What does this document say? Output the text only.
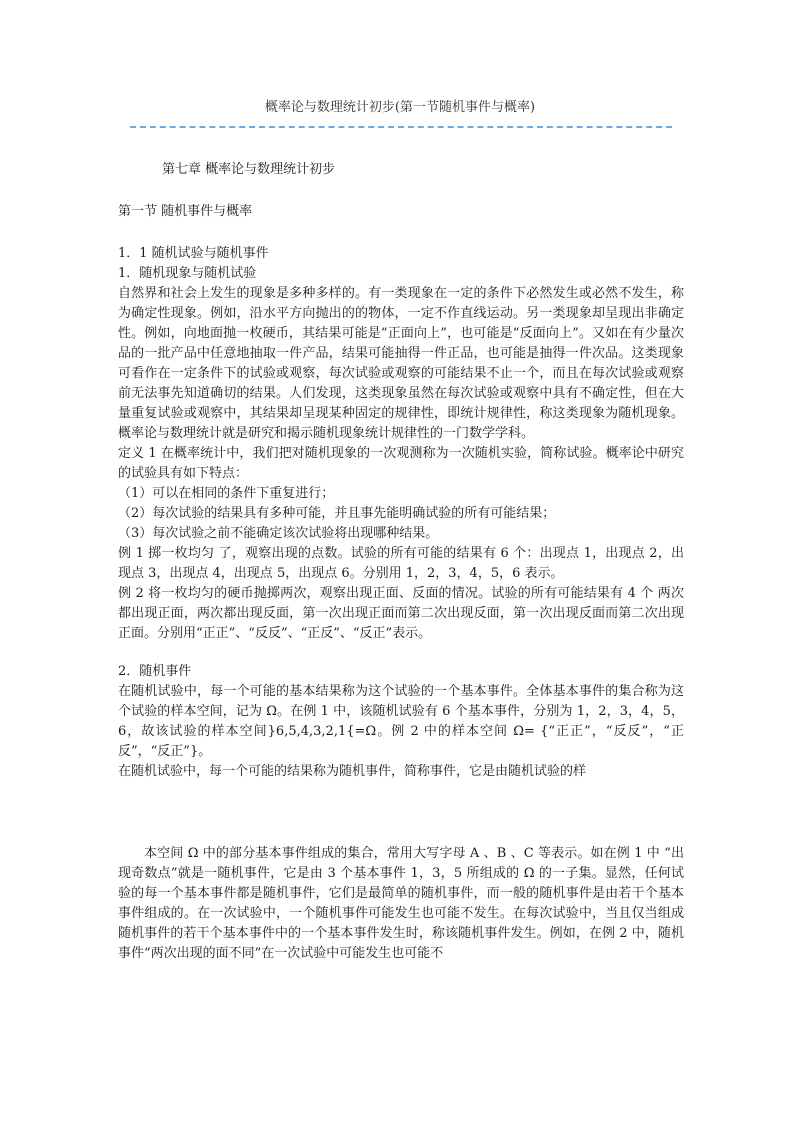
概率论与数理统计初步(第一节随机事件与概率)

第七章 概率论与数理统计初步

第一节 随机事件与概率

1．1 随机试验与随机事件

1．随机现象与随机试验

自然界和社会上发生的现象是多种多样的。有一类现象在一定的条件下必然发生或必然不发生，称为确定性现象。例如，沿水平方向抛出的的物体，一定不作直线运动。另一类现象却呈现出非确定性。例如，向地面抛一枚硬币，其结果可能是“正面向上”，也可能是“反面向上”。又如在有少量次品的一批产品中任意地抽取一件产品，结果可能抽得一件正品，也可能是抽得一件次品。这类现象可看作在一定条件下的试验或观察，每次试验或观察的可能结果不止一个，而且在每次试验或观察前无法事先知道确切的结果。人们发现，这类现象虽然在每次试验或观察中具有不确定性，但在大量重复试验或观察中，其结果却呈现某种固定的规律性，即统计规律性，称这类现象为随机现象。概率论与数理统计就是研究和揭示随机现象统计规律性的一门数学学科。

定义 1 在概率统计中，我们把对随机现象的一次观测称为一次随机实验，简称试验。概率论中研究的试验具有如下特点：

（1）可以在相同的条件下重复进行；

（2）每次试验的结果具有多种可能，并且事先能明确试验的所有可能结果；

（3）每次试验之前不能确定该次试验将出现哪种结果。

例 1 掷一枚均匀 了，观察出现的点数。试验的所有可能的结果有 6 个：出现点 1，出现点 2，出现点 3，出现点 4，出现点 5，出现点 6。分别用 1，2，3，4，5，6 表示。

例 2 将一枚均匀的硬币抛掷两次，观察出现正面、反面的情况。试验的所有可能结果有 4 个 两次都出现正面，两次都出现反面，第一次出现正面而第二次出现反面，第一次出现反面而第二次出现正面。分别用“正正”、“反反”、“正反”、“反正”表示。

2．随机事件

在随机试验中，每一个可能的基本结果称为这个试验的一个基本事件。全体基本事件的集合称为这个试验的样本空间，记为 Ω。在例 1 中，该随机试验有 6 个基本事件，分别为 1，2，3，4，5，6，故该试验的样本空间}6,5,4,3,2,1{=Ω。例 2 中的样本空间 Ω= {“正正”，“反反”，“正反”，“反正”}。

在随机试验中，每一个可能的结果称为随机事件，简称事件，它是由随机试验的样

本空间 Ω 中的部分基本事件组成的集合，常用大写字母 A 、B 、C 等表示。如在例 1 中 “出现奇数点”就是一随机事件，它是由 3 个基本事件 1，3，5 所组成的 Ω 的一子集。显然，任何试验的每一个基本事件都是随机事件，它们是最简单的随机事件，而一般的随机事件是由若干个基本事件组成的。在一次试验中，一个随机事件可能发生也可能不发生。在每次试验中，当且仅当组成随机事件的若干个基本事件中的一个基本事件发生时，称该随机事件发生。例如，在例 2 中，随机事件“两次出现的面不同”在一次试验中可能发生也可能不
